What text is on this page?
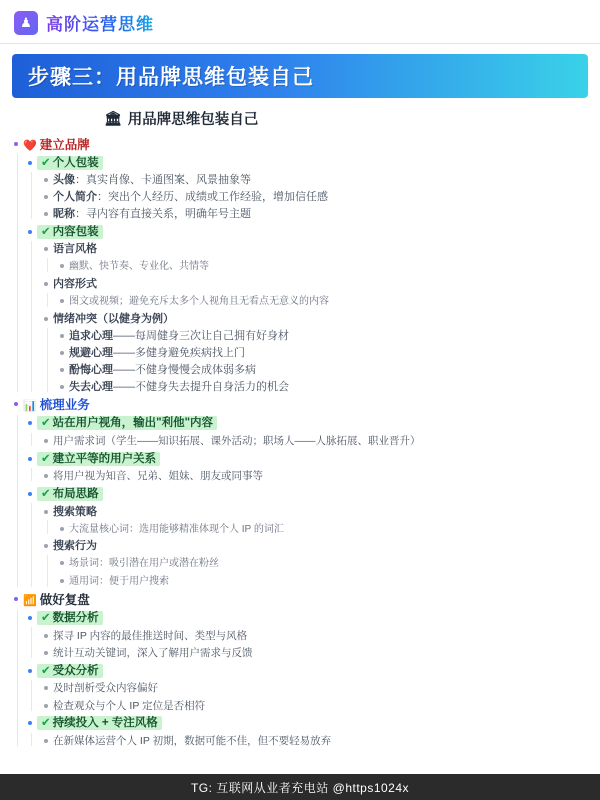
♟ 高阶运营思维
步骤三：用品牌思维包装自己
🏛 用品牌思维包装自己
❤️ 建立品牌
✔ 个人包装
头像：真实肖像、卡通图案、风景抽象等
个人简介：突出个人经历、成绩或工作经验，增加信任感
昵称：寻内容有直接关系，明确年号主题
✔ 内容包装
语言风格
幽默、快节奏、专业化、共情等
内容形式
图文或视频；避免充斥太多个人视角且无看点无意义的内容
情绪冲突（以健身为例）
追求心理——每周健身三次让自己拥有好身材
规避心理——多健身避免疾病找上门
酚悔心理——不健身慢慢会成体弱多病
失去心理——不健身失去提升自身活力的机会
📊 梳理业务
✔ 站在用户视角，输出"利他"内容
用户需求词（学生——知识拓展、课外活动；职场人——人脉拓展、职业晋升）
✔ 建立平等的用户关系
将用户视为知音、兄弟、姐妹、朋友或同事等
✔ 布局思路
搜索策略
大流量核心词：选用能够精准体现个人 IP 的词汇
搜索行为
场景词：吸引潜在用户或潜在粉丝
通用词：便于用户搜索
📶 做好复盘
✔ 数据分析
探寻 IP 内容的最佳推送时间、类型与风格
统计互动关键词，深入了解用户需求与反馈
✔ 受众分析
及时剖析受众内容偏好
检查观众与个人 IP 定位是否相符
✔ 持续投入 + 专注风格
在新媒体运营个人 IP 初期，数据可能不佳，但不要轻易放弃
TG: 互联网从业者充电站 @https1024x
